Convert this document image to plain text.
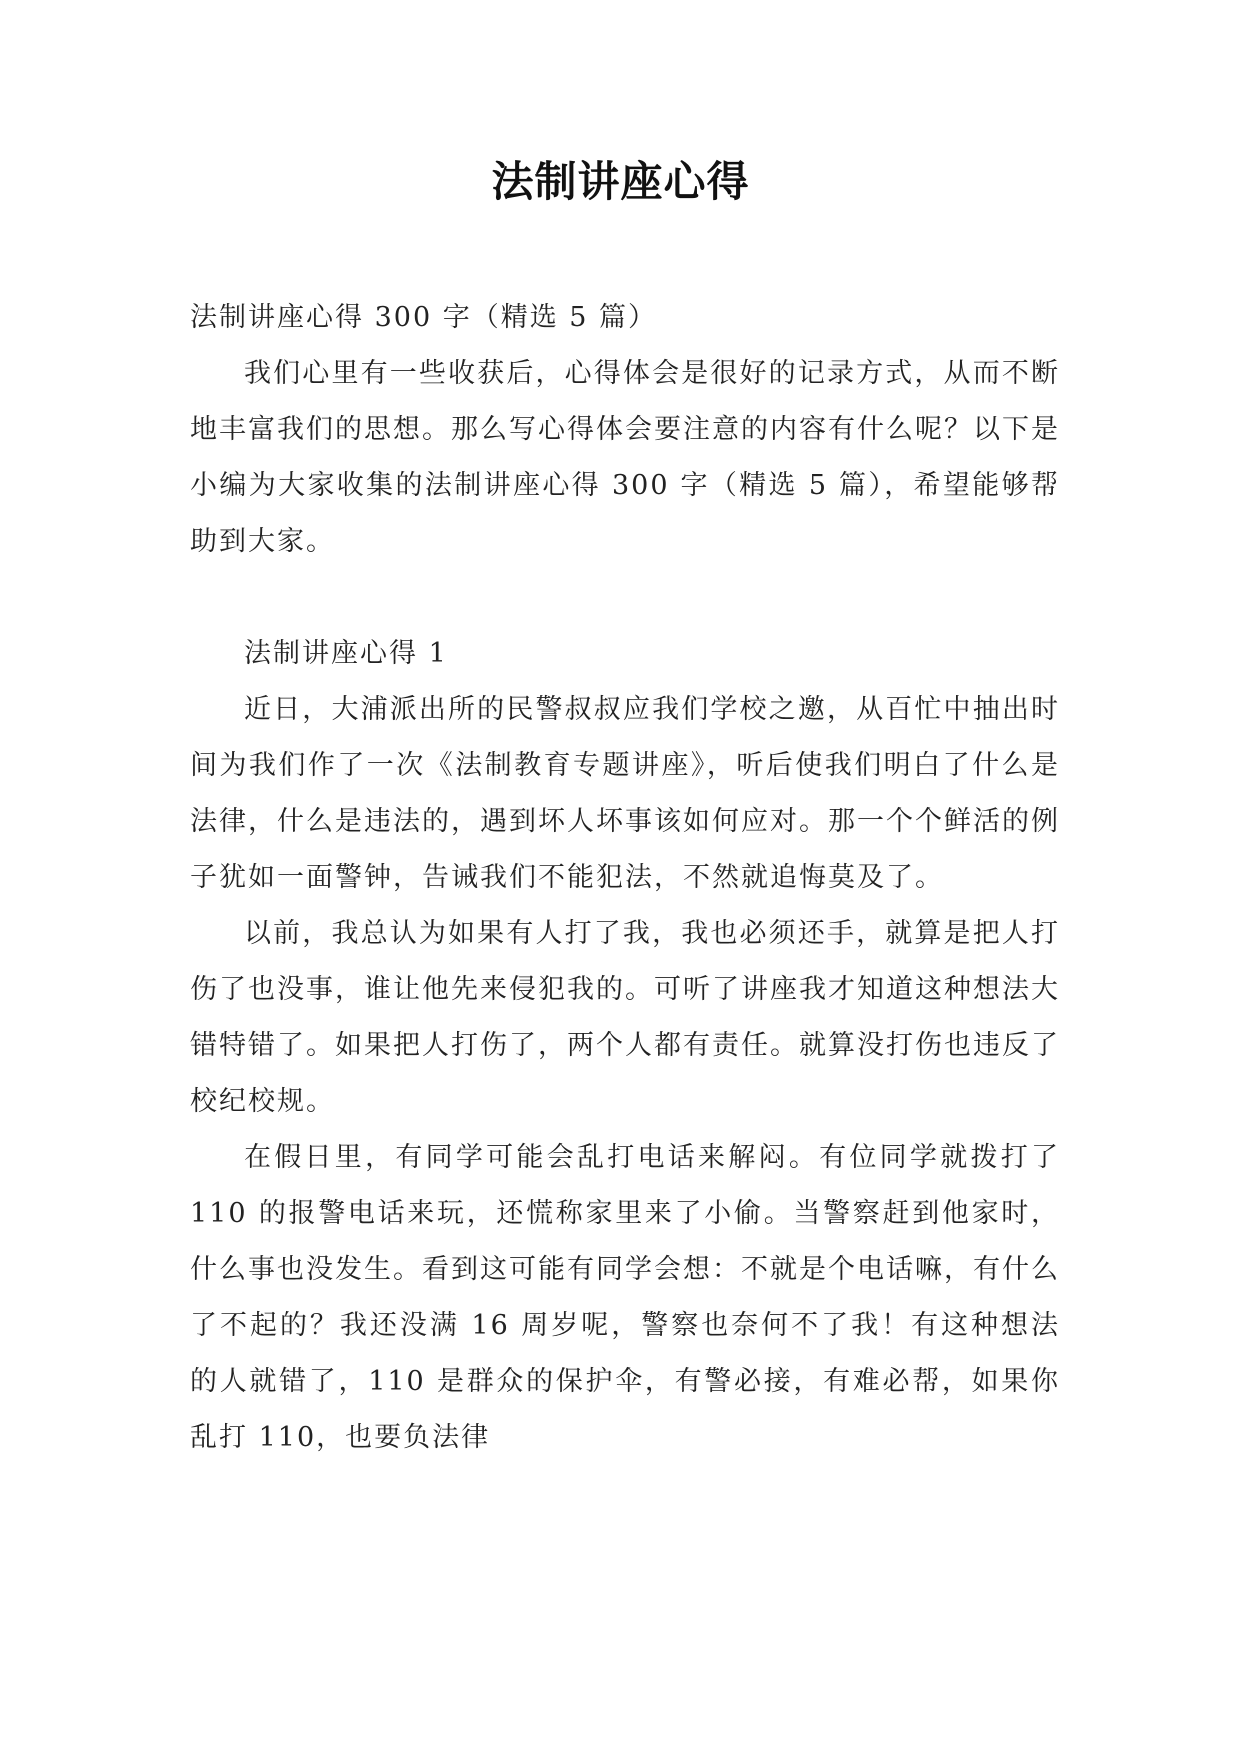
法制讲座心得

法制讲座心得 300 字（精选 5 篇）

我们心里有一些收获后，心得体会是很好的记录方式，从而不断地丰富我们的思想。那么写心得体会要注意的内容有什么呢？以下是小编为大家收集的法制讲座心得 300 字（精选 5 篇），希望能够帮助到大家。

法制讲座心得 1

近日，大浦派出所的民警叔叔应我们学校之邀，从百忙中抽出时间为我们作了一次《法制教育专题讲座》，听后使我们明白了什么是法律，什么是违法的，遇到坏人坏事该如何应对。那一个个鲜活的例子犹如一面警钟，告诫我们不能犯法，不然就追悔莫及了。

以前，我总认为如果有人打了我，我也必须还手，就算是把人打伤了也没事，谁让他先来侵犯我的。可听了讲座我才知道这种想法大错特错了。如果把人打伤了，两个人都有责任。就算没打伤也违反了校纪校规。

在假日里，有同学可能会乱打电话来解闷。有位同学就拨打了 110 的报警电话来玩，还慌称家里来了小偷。当警察赶到他家时，什么事也没发生。看到这可能有同学会想：不就是个电话嘛，有什么了不起的？我还没满 16 周岁呢，警察也奈何不了我！有这种想法的人就错了，110 是群众的保护伞，有警必接，有难必帮，如果你乱打 110，也要负法律
